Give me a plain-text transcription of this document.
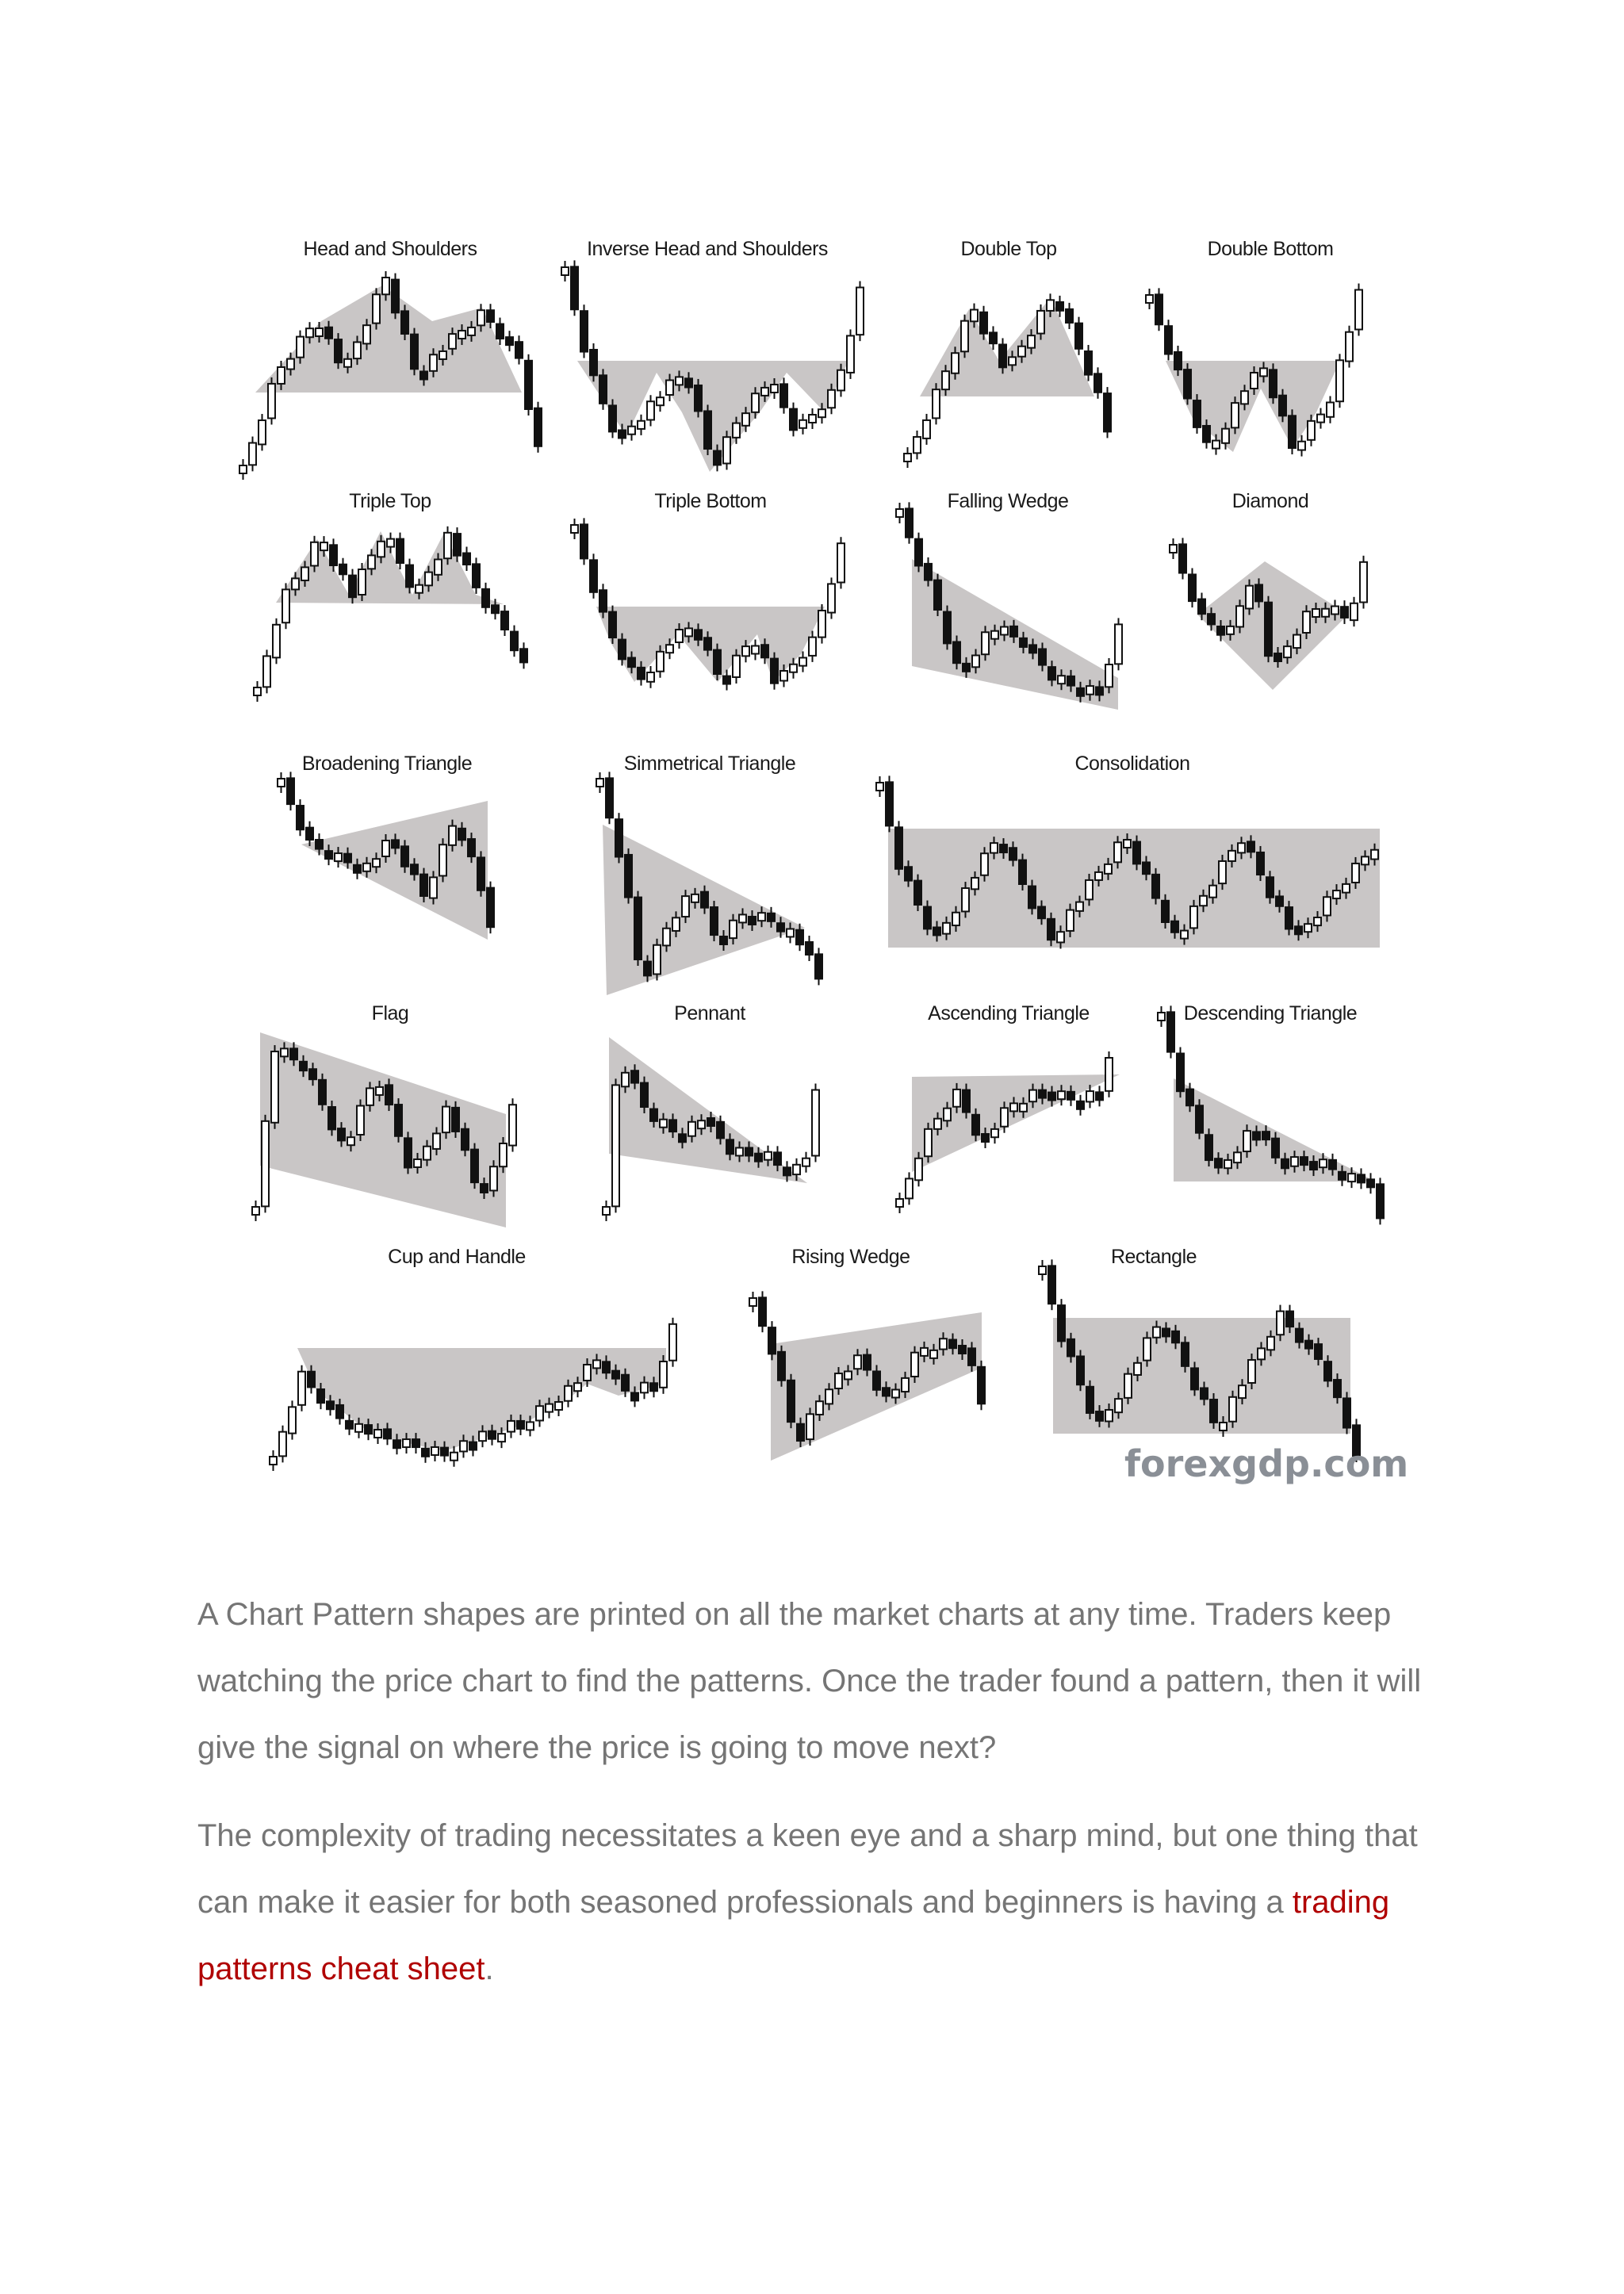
Head and Shoulders	Inverse Head and Shoulders	Double Top	Double Bottom
Triple Top	Triple Bottom	Falling Wedge	Diamond
Broadening Triangle	Simmetrical Triangle	Consolidation
Flag	Pennant	Ascending Triangle	Descending Triangle
Cup and Handle	Rising Wedge	Rectangle
forexgdp.com

A Chart Pattern shapes are printed on all the market charts at any time. Traders keep watching the price chart to find the patterns. Once the trader found a pattern, then it will give the signal on where the price is going to move next?

The complexity of trading necessitates a keen eye and a sharp mind, but one thing that can make it easier for both seasoned professionals and beginners is having a trading patterns cheat sheet.
